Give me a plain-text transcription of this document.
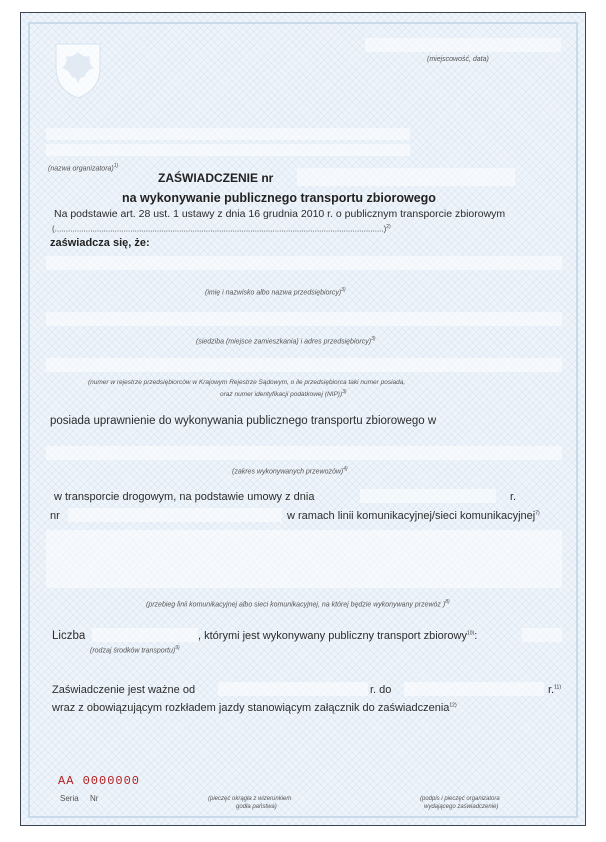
(miejscowość, data)
(nazwa organizatora)$^{1)}$
ZAŚWIADCZENIE nr
na wykonywanie publicznego transportu zbiorowego
Na podstawie art. 28 ust. 1 ustawy z dnia 16 grudnia 2010 r. o publicznym transporcie zbiorowym
(....................................................................................................................................................)$^{2)}$
zaświadcza się, że:
(imię i nazwisko albo nazwa przedsiębiorcy)$^{3)}$
(siedziba (miejsce zamieszkania) i adres przedsiębiorcy)$^{3)}$
(numer w rejestrze przedsiębiorców w Krajowym Rejestrze Sądowym, o ile przedsiębiorca taki numer posiada,
oraz numer identyfikacji podatkowej (NIP))$^{3)}$
posiada uprawnienie do wykonywania publicznego transportu zbiorowego w
(zakres wykonywanych przewozów)$^{4)}$
w transporcie drogowym, na podstawie umowy z dnia	r.
nr	w ramach linii komunikacyjnej/sieci komunikacyjnej$^{7)}$
(przebieg linii komunikacyjnej albo sieci komunikacyjnej, na której będzie wykonywany przewóz )$^{8)}$
Liczba	, którymi jest wykonywany publiczny transport zbiorowy$^{10)}$:
(rodzaj środków transportu)$^{9)}$
Zaświadczenie jest ważne od	r. do	r.$^{11)}$
wraz z obowiązującym rozkładem jazdy stanowiącym załącznik do zaświadczenia$^{12)}$
AA 0000000
Seria Nr	(pieczęć okrągła z wizerunkiem
godła państwa)
(podpis i pieczęć organizatora
wydającego zaświadczenie)
